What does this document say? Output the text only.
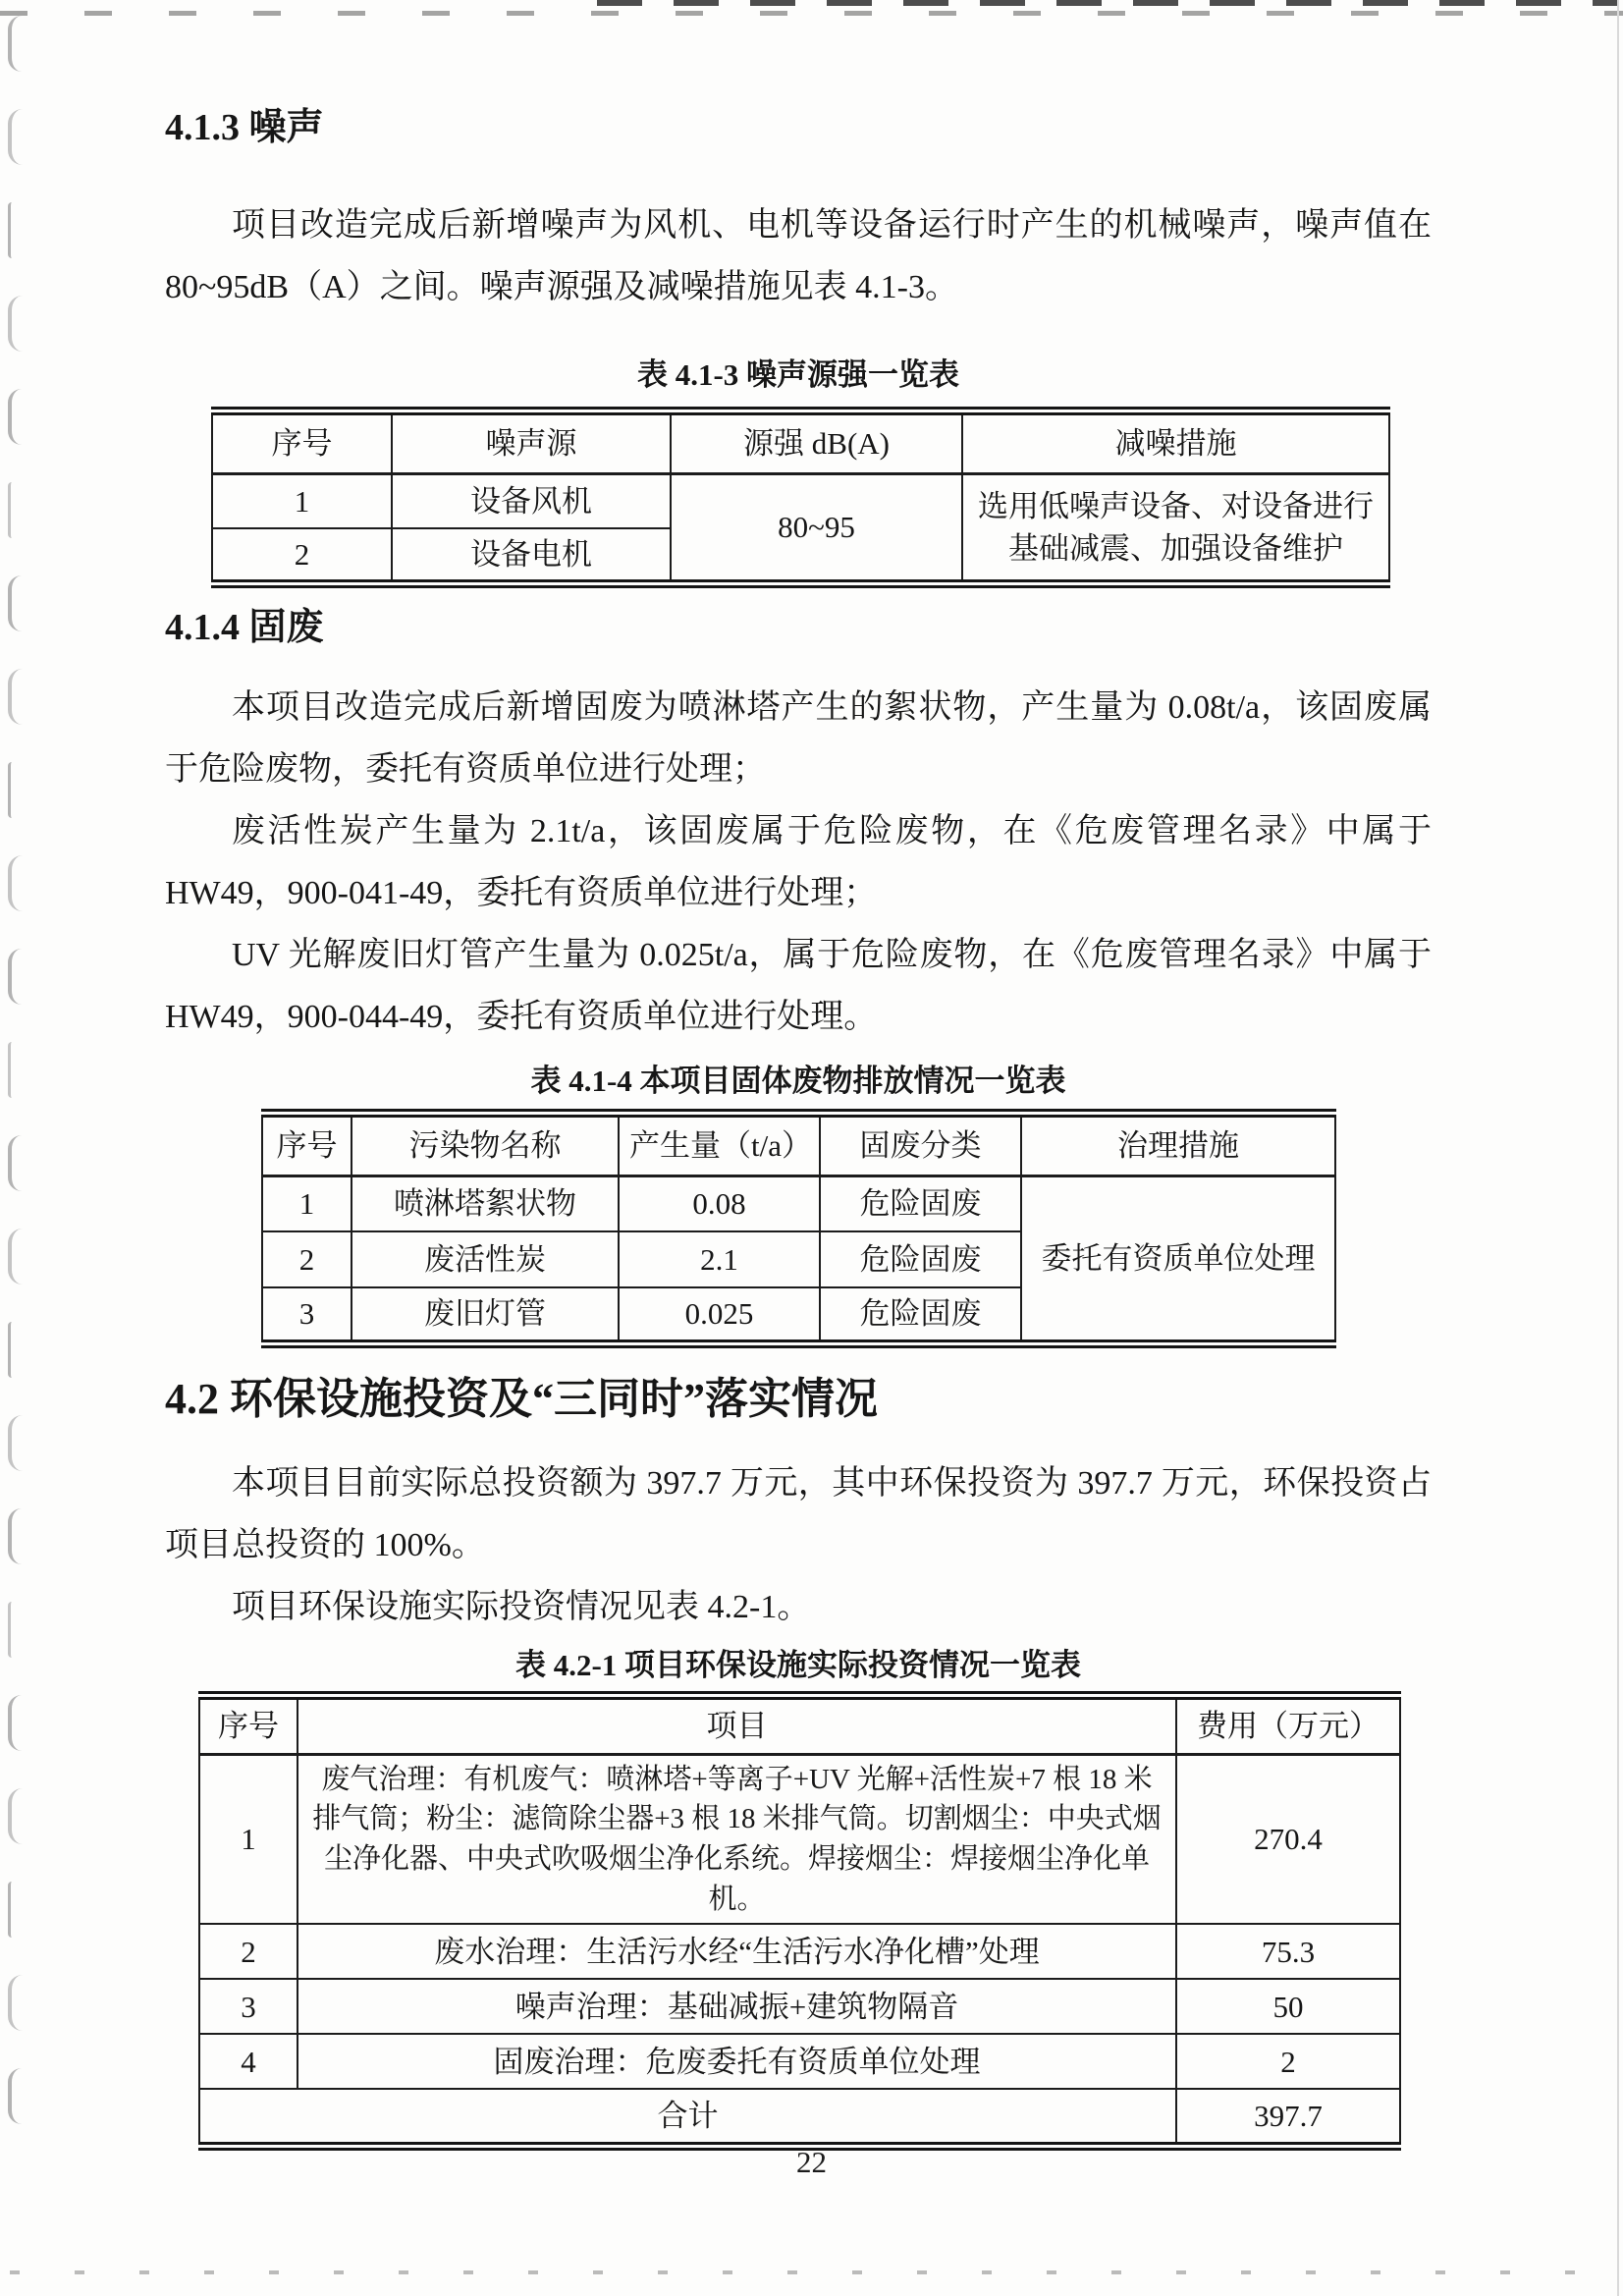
4.1.3 噪声

项目改造完成后新增噪声为风机、电机等设备运行时产生的机械噪声，噪声值在 80~95dB（A）之间。噪声源强及减噪措施见表 4.1-3。

表 4.1-3 噪声源强一览表

序号	噪声源	源强 dB(A)	减噪措施
1	设备风机	80~95	选用低噪声设备、对设备进行基础减震、加强设备维护
2	设备电机		
4.1.4 固废

本项目改造完成后新增固废为喷淋塔产生的絮状物，产生量为 0.08t/a，该固废属于危险废物，委托有资质单位进行处理；

废活性炭产生量为 2.1t/a，该固废属于危险废物，在《危废管理名录》中属于 HW49，900-041-49，委托有资质单位进行处理；

UV 光解废旧灯管产生量为 0.025t/a，属于危险废物，在《危废管理名录》中属于 HW49，900-044-49，委托有资质单位进行处理。

表 4.1-4 本项目固体废物排放情况一览表

序号	污染物名称	产生量（t/a）	固废分类	治理措施
1	喷淋塔絮状物	0.08	危险固废	委托有资质单位处理
2	废活性炭	2.1	危险固废	
3	废旧灯管	0.025	危险固废	
4.2 环保设施投资及“三同时”落实情况

本项目目前实际总投资额为 397.7 万元，其中环保投资为 397.7 万元，环保投资占项目总投资的 100%。

项目环保设施实际投资情况见表 4.2-1。

表 4.2-1 项目环保设施实际投资情况一览表

序号	项目	费用（万元）
1	废气治理：有机废气：喷淋塔+等离子+UV 光解+活性炭+7 根 18 米排气筒；粉尘：滤筒除尘器+3 根 18 米排气筒。切割烟尘：中央式烟尘净化器、中央式吹吸烟尘净化系统。焊接烟尘：焊接烟尘净化单机。	270.4
2	废水治理：生活污水经“生活污水净化槽”处理	75.3
3	噪声治理：基础减振+建筑物隔音	50
4	固废治理：危废委托有资质单位处理	2
合计		397.7
22
